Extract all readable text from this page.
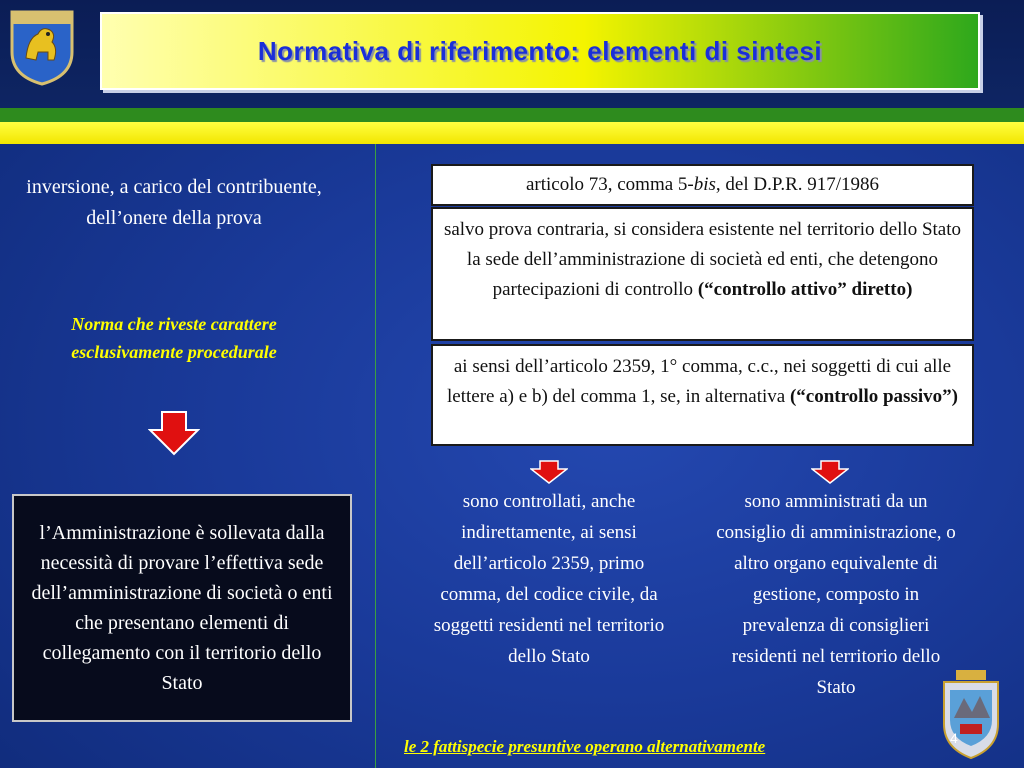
Normativa di riferimento: elementi di sintesi
inversione, a carico del contribuente, dell’onere della prova
Norma che riveste carattere esclusivamente procedurale
l’Amministrazione è sollevata dalla necessità di provare l’effettiva sede dell’amministrazione di società o enti che presentano elementi di collegamento con il territorio dello Stato
articolo 73, comma 5-bis, del D.P.R. 917/1986
salvo prova contraria, si considera esistente nel territorio dello Stato la sede dell’amministrazione di società ed enti, che detengono partecipazioni di controllo (“controllo attivo” diretto)
ai sensi dell’articolo 2359, 1° comma, c.c., nei soggetti di cui alle lettere a) e b) del comma 1, se, in alternativa (“controllo passivo”)
sono controllati, anche indirettamente, ai sensi dell’articolo 2359, primo comma, del codice civile, da soggetti residenti nel territorio dello Stato
sono amministrati da un consiglio di amministrazione, o altro organo equivalente di gestione, composto in prevalenza di consiglieri residenti nel territorio dello Stato
le 2 fattispecie presuntive operano alternativamente	4
